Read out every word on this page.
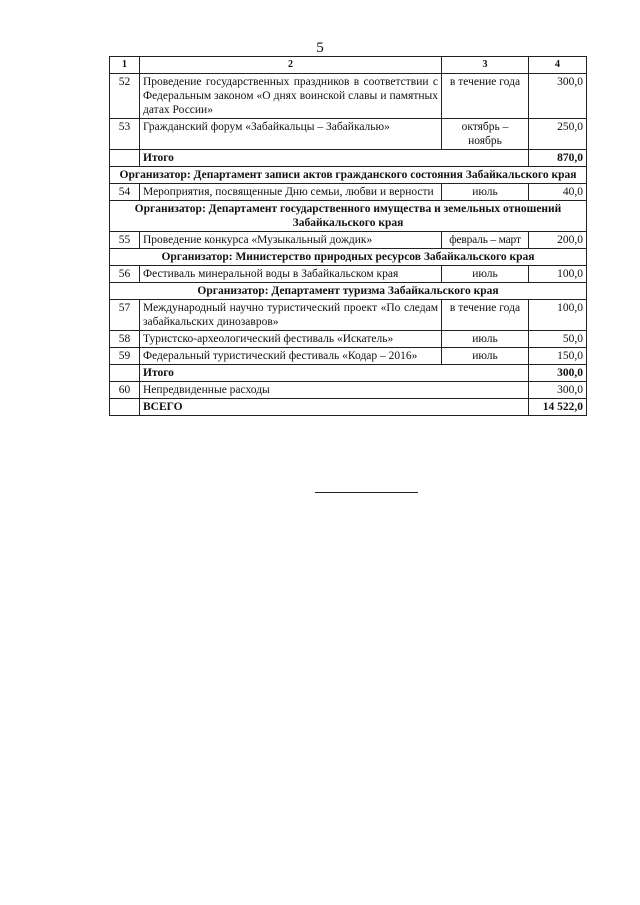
5
1	2	3	4
52	Проведение государственных праздников в соответствии с Федеральным законом «О днях воинской славы и памятных датах России»	в течение года	300,0
53	Гражданский форум «Забайкальцы – Забайкалью»	октябрь – ноябрь	250,0
	Итого		870,0
Организатор: Департамент записи актов гражданского состояния Забайкальского края			
54	Мероприятия, посвященные Дню семьи, любви и верности	июль	40,0
Организатор: Департамент государственного имущества и земельных отношений Забайкальского края			
55	Проведение конкурса «Музыкальный дождик»	февраль – март	200,0
Организатор: Министерство природных ресурсов Забайкальского края			
56	Фестиваль минеральной воды в Забайкальском края	июль	100,0
Организатор: Департамент туризма Забайкальского края			
57	Международный научно туристический проект «По следам забайкальских динозавров»	в течение года	100,0
58	Туристско-археологический фестиваль «Искатель»	июль	50,0
59	Федеральный туристический фестиваль «Кодар – 2016»	июль	150,0
	Итого		300,0
60	Непредвиденные расходы		300,0
	ВСЕГО		14 522,0
